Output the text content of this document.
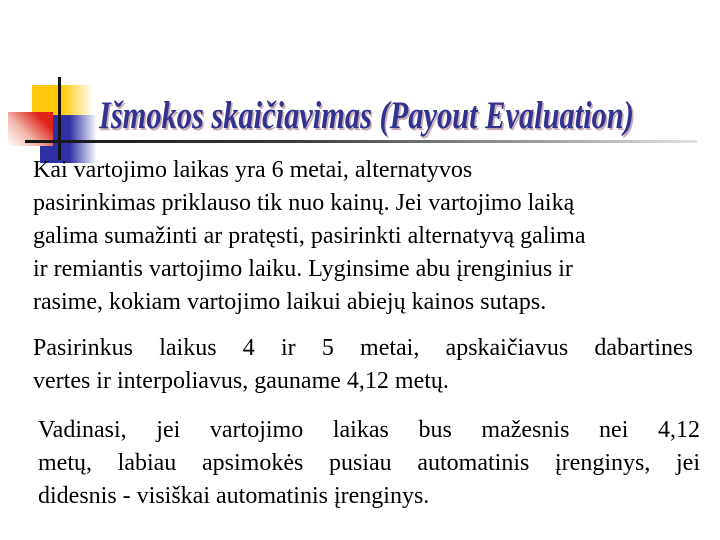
Išmokos skaičiavimas (Payout Evaluation)
Kai vartojimo laikas yra 6 metai, alternatyvos
pasirinkimas priklauso tik nuo kainų. Jei vartojimo laiką
galima sumažinti ar pratęsti, pasirinkti alternatyvą galima
ir remiantis vartojimo laiku. Lyginsime abu įrenginius ir
rasime, kokiam vartojimo laikui abiejų kainos sutaps.
Pasirinkus laikus 4 ir 5 metai, apskaičiavus dabartines
vertes ir interpoliavus, gauname 4,12 metų.
Vadinasi, jei vartojimo laikas bus mažesnis nei 4,12
metų, labiau apsimokės pusiau automatinis įrenginys, jei
didesnis - visiškai automatinis įrenginys.
